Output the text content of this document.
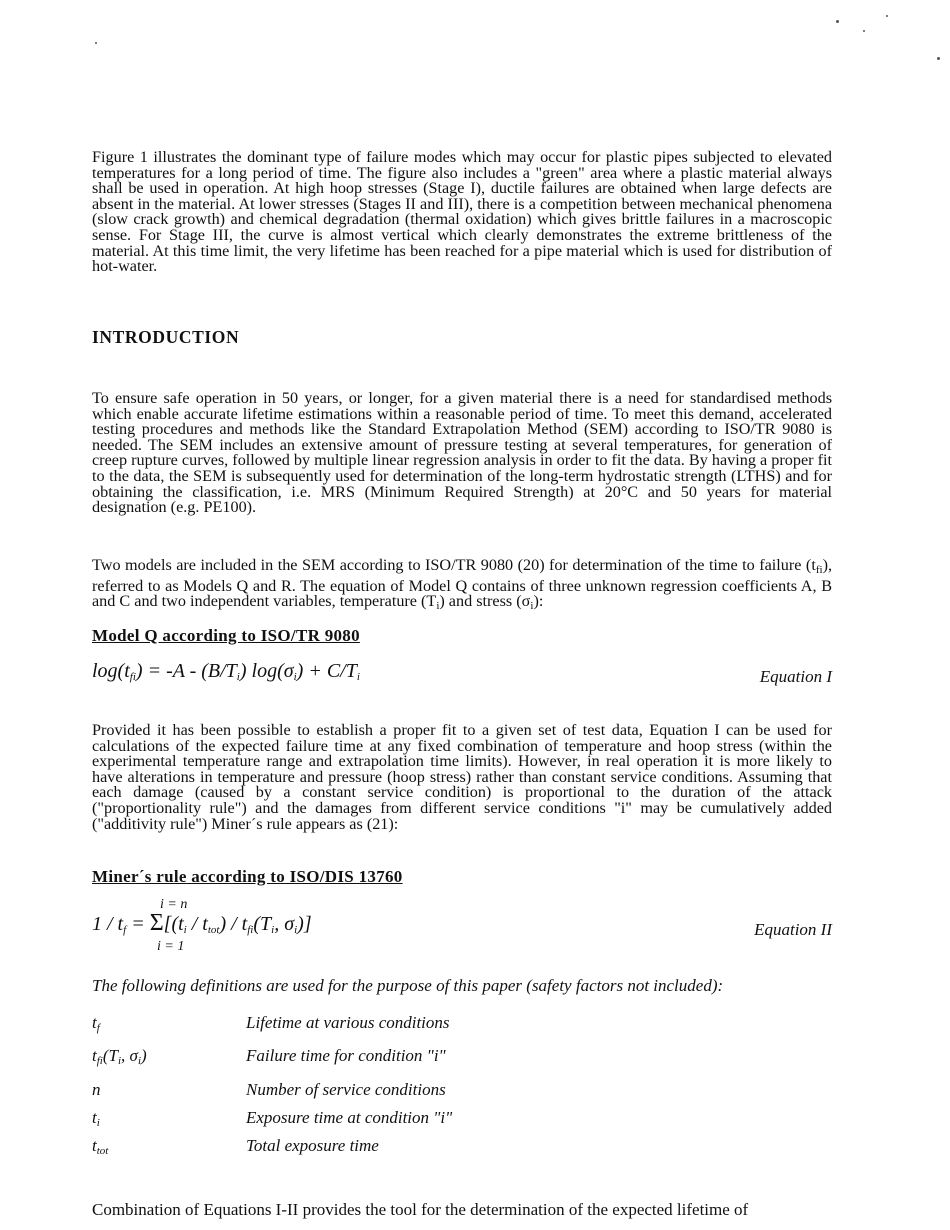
Figure 1 illustrates the dominant type of failure modes which may occur for plastic pipes subjected to elevated temperatures for a long period of time. The figure also includes a "green" area where a plastic material always shall be used in operation. At high hoop stresses (Stage I), ductile failures are obtained when large defects are absent in the material. At lower stresses (Stages II and III), there is a competition between mechanical phenomena (slow crack growth) and chemical degradation (thermal oxidation) which gives brittle failures in a macroscopic sense. For Stage III, the curve is almost vertical which clearly demonstrates the extreme brittleness of the material. At this time limit, the very lifetime has been reached for a pipe material which is used for distribution of hot-water.

INTRODUCTION

To ensure safe operation in 50 years, or longer, for a given material there is a need for standardised methods which enable accurate lifetime estimations within a reasonable period of time. To meet this demand, accelerated testing procedures and methods like the Standard Extrapolation Method (SEM) according to ISO/TR 9080 is needed. The SEM includes an extensive amount of pressure testing at several temperatures, for generation of creep rupture curves, followed by multiple linear regression analysis in order to fit the data. By having a proper fit to the data, the SEM is subsequently used for determination of the long-term hydrostatic strength (LTHS) and for obtaining the classification, i.e. MRS (Minimum Required Strength) at 20°C and 50 years for material designation (e.g. PE100).

Two models are included in the SEM according to ISO/TR 9080 (20) for determination of the time to failure $(t_{fi})$, referred to as Models Q and R. The equation of Model Q contains of three unknown regression coefficients A, B and C and two independent variables, temperature $(T_i)$ and stress $(\sigma_i)$:

Model Q according to ISO/TR 9080
$\log(t_{fi}) = -A - (B/T_i) \log(\sigma_i) + C/T_i$	Equation I

Provided it has been possible to establish a proper fit to a given set of test data, Equation I can be used for calculations of the expected failure time at any fixed combination of temperature and hoop stress (within the experimental temperature range and extrapolation time limits). However, in real operation it is more likely to have alterations in temperature and pressure (hoop stress) rather than constant service conditions. Assuming that each damage (caused by a constant service condition) is proportional to the duration of the attack ("proportionality rule") and the damages from different service conditions "i" may be cumulatively added ("additivity rule") Miner´s rule appears as (21):

Miner´s rule according to ISO/DIS 13760
i = n
$1 / t_f = \Sigma[(t_i / t_{tot}) / t_{fi}(T_i$, $\sigma_i$)]
i = 1
Equation II
The following definitions are used for the purpose of this paper (safety factors not included):
$t_f$	Lifetime at various conditions
$t_{fi}(T_i$, $\sigma_i$)	Failure time for condition "i"
n	Number of service conditions
$t_i$	Exposure time at condition "i"
$t_{tot}$	Total exposure time

Combination of Equations I-II provides the tool for the determination of the expected lifetime of
